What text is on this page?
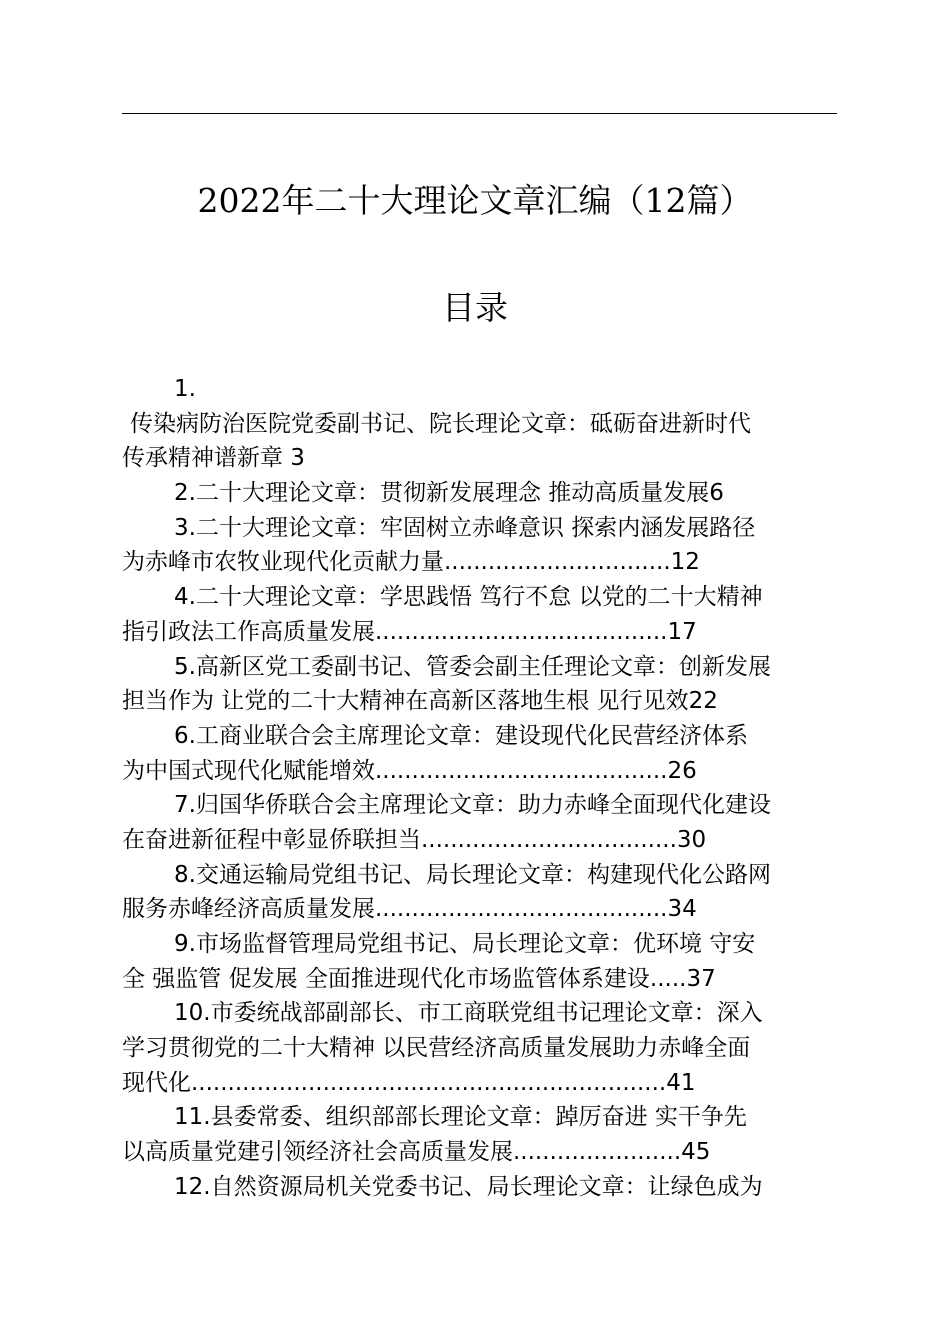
2022年二十大理论文章汇编（12篇）
目录
1.
传染病防治医院党委副书记、院长理论文章：砥砺奋进新时代
传承精神谱新章 3
2.二十大理论文章：贯彻新发展理念 推动高质量发展6
3.二十大理论文章：牢固树立赤峰意识 探索内涵发展路径
为赤峰市农牧业现代化贡献力量...............................12
4.二十大理论文章：学思践悟 笃行不怠 以党的二十大精神
指引政法工作高质量发展........................................17
5.高新区党工委副书记、管委会副主任理论文章：创新发展
担当作为 让党的二十大精神在高新区落地生根 见行见效22
6.工商业联合会主席理论文章：建设现代化民营经济体系
为中国式现代化赋能增效........................................26
7.归国华侨联合会主席理论文章：助力赤峰全面现代化建设
在奋进新征程中彰显侨联担当...................................30
8.交通运输局党组书记、局长理论文章：构建现代化公路网
服务赤峰经济高质量发展........................................34
9.市场监督管理局党组书记、局长理论文章：优环境 守安
全 强监管 促发展 全面推进现代化市场监管体系建设.....37
10.市委统战部副部长、市工商联党组书记理论文章：深入
学习贯彻党的二十大精神 以民营经济高质量发展助力赤峰全面
现代化.................................................................41
11.县委常委、组织部部长理论文章：踔厉奋进 实干争先
以高质量党建引领经济社会高质量发展.......................45
12.自然资源局机关党委书记、局长理论文章：让绿色成为
